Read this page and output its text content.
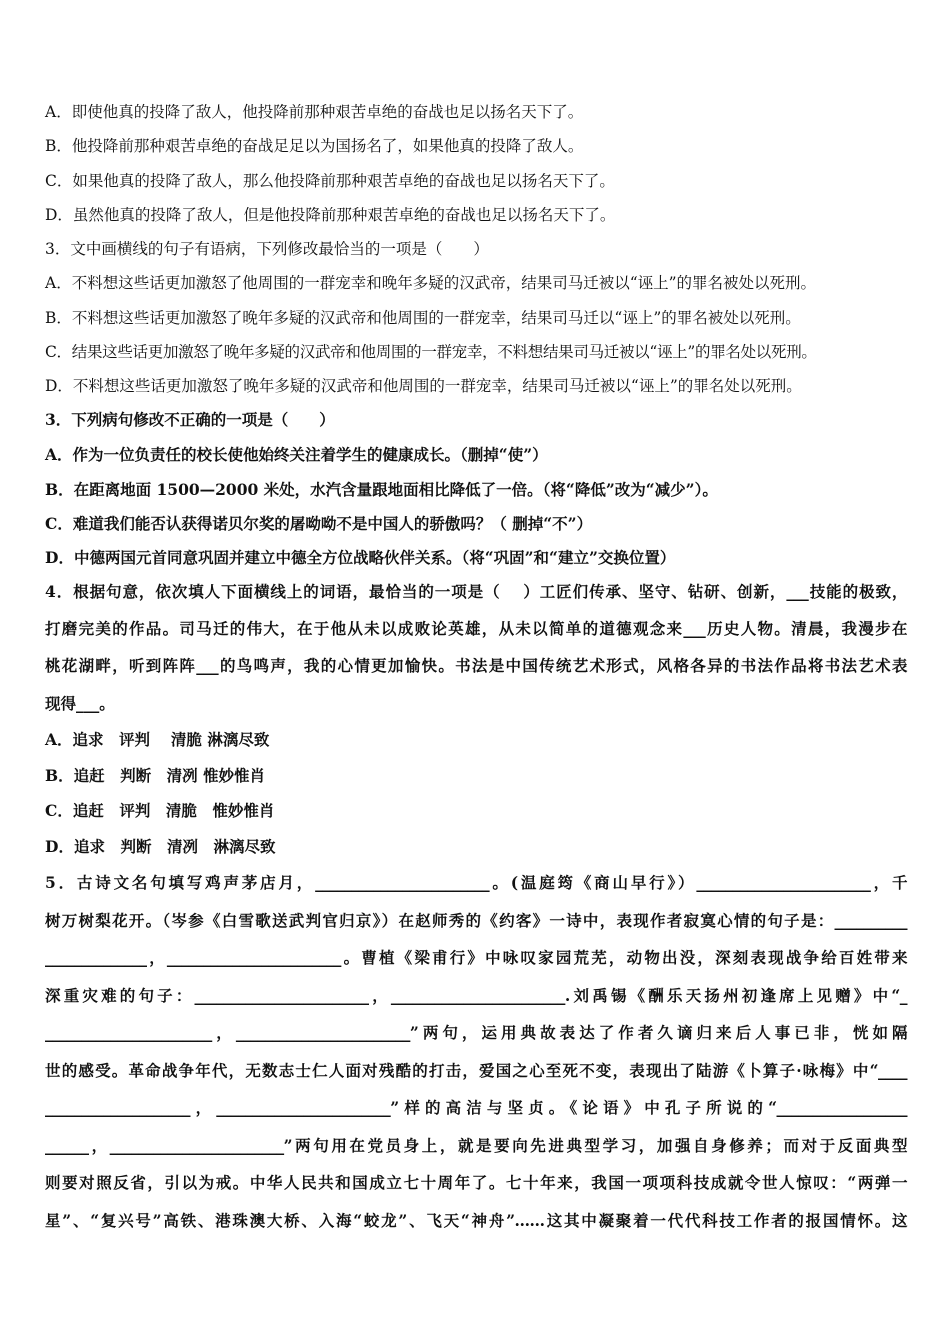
A．即使他真的投降了敌人，他投降前那种艰苦卓绝的奋战也足以扬名天下了。
B．他投降前那种艰苦卓绝的奋战足足以为国扬名了，如果他真的投降了敌人。
C．如果他真的投降了敌人，那么他投降前那种艰苦卓绝的奋战也足以扬名天下了。
D．虽然他真的投降了敌人，但是他投降前那种艰苦卓绝的奋战也足以扬名天下了。
3．文中画横线的句子有语病，下列修改最恰当的一项是（　　）
A．不料想这些话更加激怒了他周围的一群宠幸和晚年多疑的汉武帝，结果司马迁被以“诬上”的罪名被处以死刑。
B．不料想这些话更加激怒了晚年多疑的汉武帝和他周围的一群宠幸，结果司马迁以“诬上”的罪名被处以死刑。
C．结果这些话更加激怒了晚年多疑的汉武帝和他周围的一群宠幸，不料想结果司马迁被以“诬上”的罪名处以死刑。
D．不料想这些话更加激怒了晚年多疑的汉武帝和他周围的一群宠幸，结果司马迁被以“诬上”的罪名处以死刑。
3．下列病句修改不正确的一项是（　　）
A．作为一位负责任的校长使他始终关注着学生的健康成长。（删掉“使”）
B．在距离地面 1500—2000 米处，水汽含量跟地面相比降低了一倍。（将“降低”改为“减少”）。
C．难道我们能否认获得诺贝尔奖的屠呦呦不是中国人的骄傲吗？（ 删掉“不”）
D．中德两国元首同意巩固并建立中德全方位战略伙伴关系。（将“巩固”和“建立”交换位置）
4．根据句意，依次填人下面横线上的词语，最恰当的一项是（　 ）工匠们传承、坚守、钻研、创新，___技能的极致，
打磨完美的作品。司马迁的伟大，在于他从未以成败论英雄，从未以简单的道德观念来___历史人物。清晨，我漫步在
桃花湖畔，听到阵阵___的鸟鸣声，我的心情更加愉快。书法是中国传统艺术形式，风格各异的书法作品将书法艺术表
现得___。
A．追求　评判　 清脆 淋漓尽致
B．追赶　判断　清冽 惟妙惟肖
C．追赶　评判　清脆　惟妙惟肖
D．追求　判断　清冽　淋漓尽致
5．古诗文名句填写鸡声茅店月，________________________。(温庭筠《商山早行》）________________________，千
树万树梨花开。（岑参《白雪歌送武判官归京》）在赵师秀的《约客》一诗中，表现作者寂寞心情的句子是：__________
______________，________________________。曹植《梁甫行》中咏叹家园荒芜，动物出没，深刻表现战争给百姓带来
深重灾难的句子：________________________，________________________.刘禹锡《酬乐天扬州初逢席上见赠》中“_
_______________________，________________________”两句，运用典故表达了作者久谪归来后人事已非，恍如隔
世的感受。革命战争年代，无数志士仁人面对残酷的打击，爱国之心至死不变，表现出了陆游《卜算子·咏梅》中“____
____________________，________________________”样的高洁与坚贞。《论语》中孔子所说的“__________________
______，________________________”两句用在党员身上，就是要向先进典型学习，加强自身修养；而对于反面典型
则要对照反省，引以为戒。中华人民共和国成立七十周年了。七十年来，我国一项项科技成就令世人惊叹：“两弹一
星”、“复兴号”高铁、港珠澳大桥、入海“蛟龙”、飞天“神舟”……这其中凝聚着一代代科技工作者的报国情怀。这
